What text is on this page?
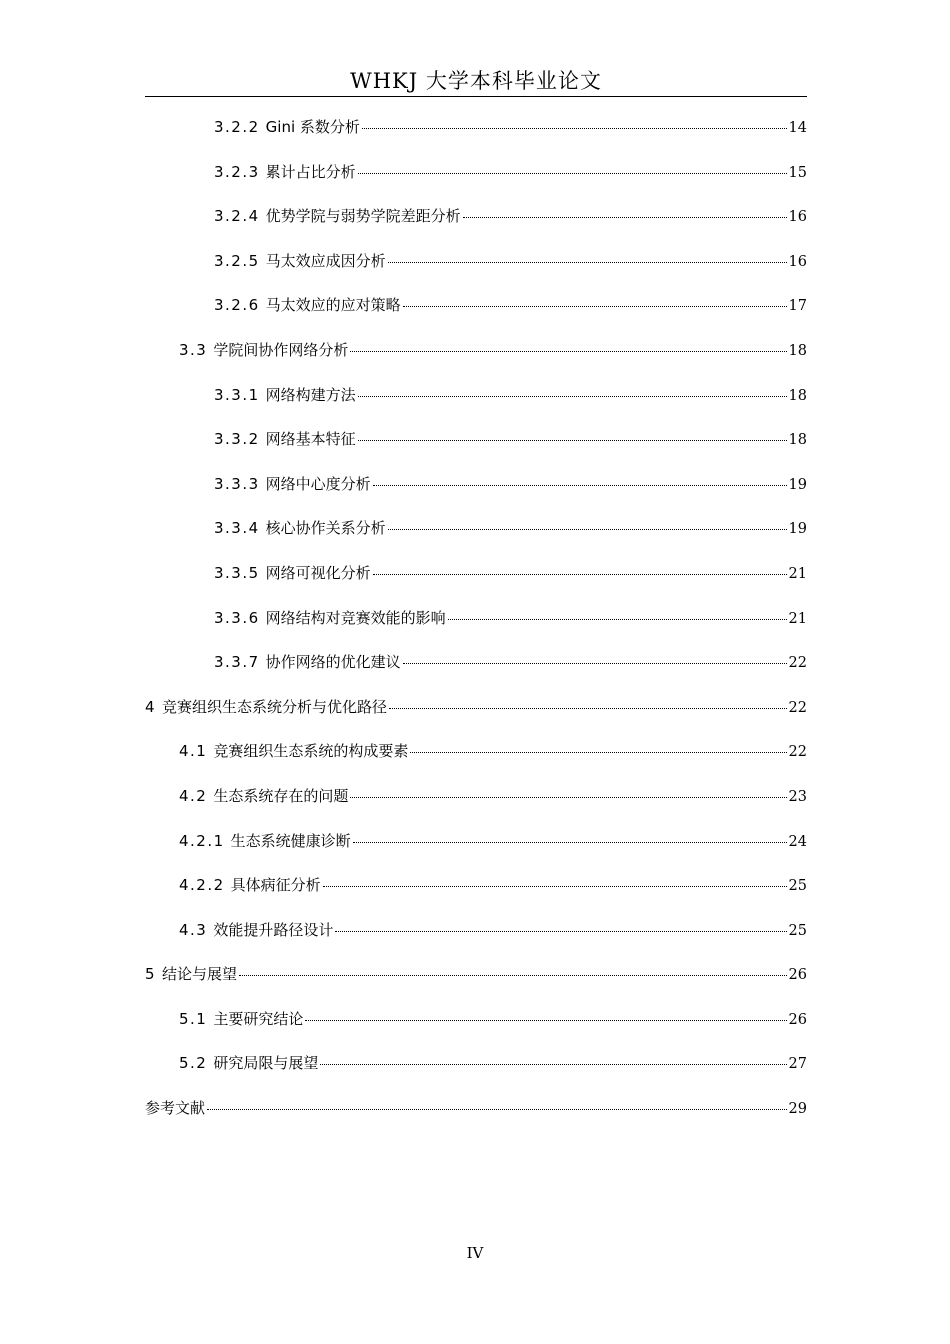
WHKJ 大学本科毕业论文
3.2.2 Gini 系数分析	14
3.2.3 累计占比分析	15
3.2.4 优势学院与弱势学院差距分析	16
3.2.5 马太效应成因分析	16
3.2.6 马太效应的应对策略	17
3.3 学院间协作网络分析	18
3.3.1 网络构建方法	18
3.3.2 网络基本特征	18
3.3.3 网络中心度分析	19
3.3.4 核心协作关系分析	19
3.3.5 网络可视化分析	21
3.3.6 网络结构对竞赛效能的影响	21
3.3.7 协作网络的优化建议	22
4 竞赛组织生态系统分析与优化路径	22
4.1 竞赛组织生态系统的构成要素	22
4.2 生态系统存在的问题	23
4.2.1 生态系统健康诊断	24
4.2.2 具体病征分析	25
4.3 效能提升路径设计	25
5 结论与展望	26
5.1 主要研究结论	26
5.2 研究局限与展望	27
参考文献	29
IV
